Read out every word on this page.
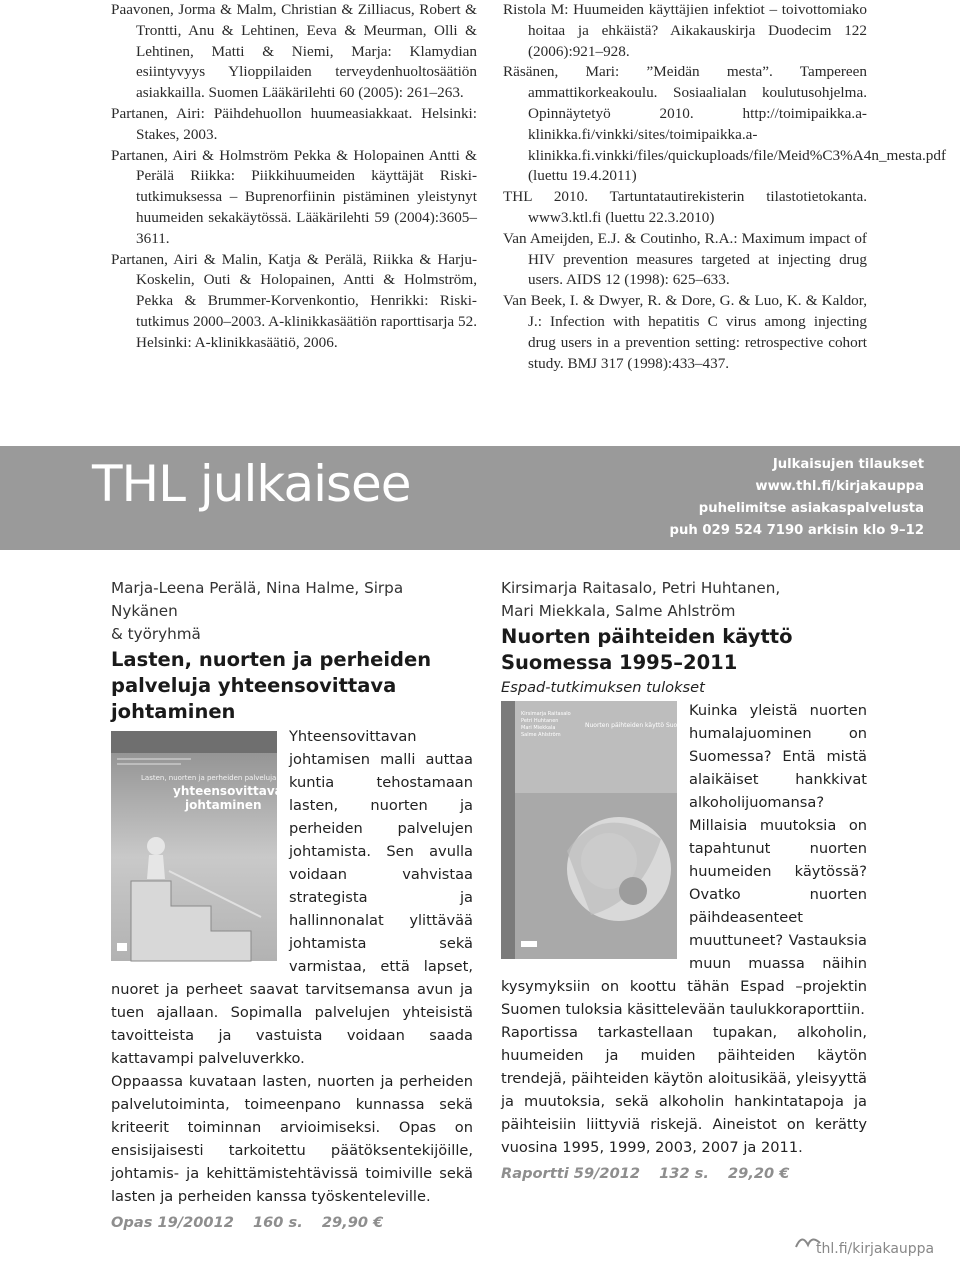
Paavonen, Jorma & Malm, Christian & Zilliacus, Robert & Trontti, Anu & Lehtinen, Eeva & Meurman, Olli & Lehtinen, Matti & Niemi, Marja: Klamydian esiintyvyys Ylioppilaiden terveydenhuoltosäätiön asiakkailla. Suomen Lääkärilehti 60 (2005): 261–263.

Partanen, Airi: Päihdehuollon huumeasiakkaat. Helsinki: Stakes, 2003.

Partanen, Airi & Holmström Pekka & Holopainen Antti & Perälä Riikka: Piikkihuumeiden käyttäjät Riski-tutkimuksessa – Buprenorfiinin pistäminen yleistynyt huumeiden sekakäytössä. Lääkärilehti 59 (2004):3605–3611.

Partanen, Airi & Malin, Katja & Perälä, Riikka & Harju-Koskelin, Outi & Holopainen, Antti & Holmström, Pekka & Brummer-Korvenkontio, Henrikki: Riski-tutkimus 2000–2003. A-klinikkasäätiön raporttisarja 52. Helsinki: A-klinikkasäätiö, 2006.

Ristola M: Huumeiden käyttäjien infektiot – toivottomiako hoitaa ja ehkäistä? Aikakauskirja Duodecim 122 (2006):921–928.

Räsänen, Mari: ”Meidän mesta”. Tampereen ammattikorkeakoulu. Sosiaalialan koulutusohjelma. Opinnäytetyö 2010. http://toimipaikka.a-klinikka.fi/vinkki/sites/toimipaikka.a-klinikka.fi.vinkki/files/quickuploads/file/Meid%C3%A4n_mesta.pdf (luettu 19.4.2011)

THL 2010. Tartuntatautirekisterin tilastotietokanta. www3.ktl.fi (luettu 22.3.2010)

Van Ameijden, E.J. & Coutinho, R.A.: Maximum impact of HIV prevention measures targeted at injecting drug users. AIDS 12 (1998): 625–633.

Van Beek, I. & Dwyer, R. & Dore, G. & Luo, K. & Kaldor, J.: Infection with hepatitis C virus among injecting drug users in a prevention setting: retrospective cohort study. BMJ 317 (1998):433–437.

THL julkaisee	Julkaisujen tilaukset
www.thl.fi/kirjakauppa
puhelimitse asiakaspalvelusta
puh 029 524 7190 arkisin klo 9–12

Marja-Leena Perälä, Nina Halme, Sirpa Nykänen
& työryhmä

Lasten, nuorten ja perheiden palveluja yhteensovittava johtaminen

Lasten, nuorten ja perheiden palveluja
yhteensovittava
johtaminen

Yhteensovittavan johtamisen malli auttaa kuntia tehostamaan lasten, nuorten ja perheiden palvelujen johtamista. Sen avulla voidaan vahvistaa strategista ja hallinnonalat ylittävää johtamista sekä varmistaa, että lapset, nuoret ja perheet saavat tarvitsemansa avun ja tuen ajallaan. Sopimalla palvelujen yhteisistä tavoitteista ja vastuista voidaan saada kattavampi palveluverkko.

Oppaassa kuvataan lasten, nuorten ja perheiden palvelutoiminta, toimeenpano kunnassa sekä kriteerit toiminnan arvioimiseksi. Opas on ensisijaisesti tarkoitettu päätöksentekijöille, johtamis- ja kehittämistehtävissä toimiville sekä lasten ja perheiden kanssa työskenteleville.

Opas 19/20012 160 s. 29,90 €

Kirsimarja Raitasalo, Petri Huhtanen,
Mari Miekkala, Salme Ahlström

Nuorten päihteiden käyttö Suomessa 1995–2011

Espad-tutkimuksen tulokset

Kirsimarja Raitasalo
Petri Huhtanen
Mari Miekkala
Salme Ahlström
Nuorten päihteiden käyttö Suomessa 1995–2011

Kuinka yleistä nuorten humalajuominen on Suomessa? Entä mistä alaikäiset hankkivat alkoholijuomansa? Millaisia muutoksia on tapahtunut nuorten huumeiden käytössä? Ovatko nuorten päihdeasenteet muuttuneet? Vastauksia muun muassa näihin kysymyksiin on koottu tähän Espad –projektin Suomen tuloksia käsittelevään taulukkoraporttiin.

Raportissa tarkastellaan tupakan, alkoholin, huumeiden ja muiden päihteiden käytön trendejä, päihteiden käytön aloitusikää, yleisyyttä ja muutoksia, sekä alkoholin hankintatapoja ja päihteisiin liittyviä riskejä. Aineistot on kerätty vuosina 1995, 1999, 2003, 2007 ja 2011.

Raportti 59/2012 132 s. 29,20 €

thl.fi/kirjakauppa
